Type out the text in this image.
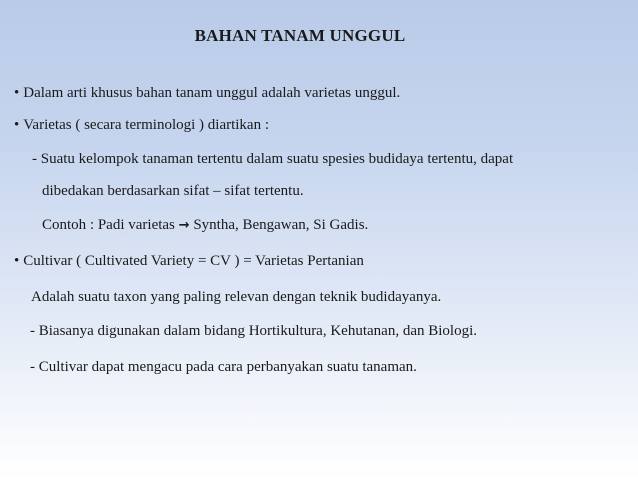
BAHAN TANAM UNGGUL
• Dalam arti khusus bahan tanam unggul adalah varietas unggul.
• Varietas ( secara terminologi ) diartikan :
- Suatu kelompok tanaman tertentu dalam suatu spesies budidaya tertentu, dapat
dibedakan berdasarkan sifat – sifat tertentu.
Contoh : Padi varietas → Syntha, Bengawan, Si Gadis.
• Cultivar ( Cultivated Variety = CV ) = Varietas Pertanian
Adalah suatu taxon yang paling relevan dengan teknik budidayanya.
- Biasanya digunakan dalam bidang Hortikultura, Kehutanan, dan Biologi.
- Cultivar dapat mengacu pada cara perbanyakan suatu tanaman.
